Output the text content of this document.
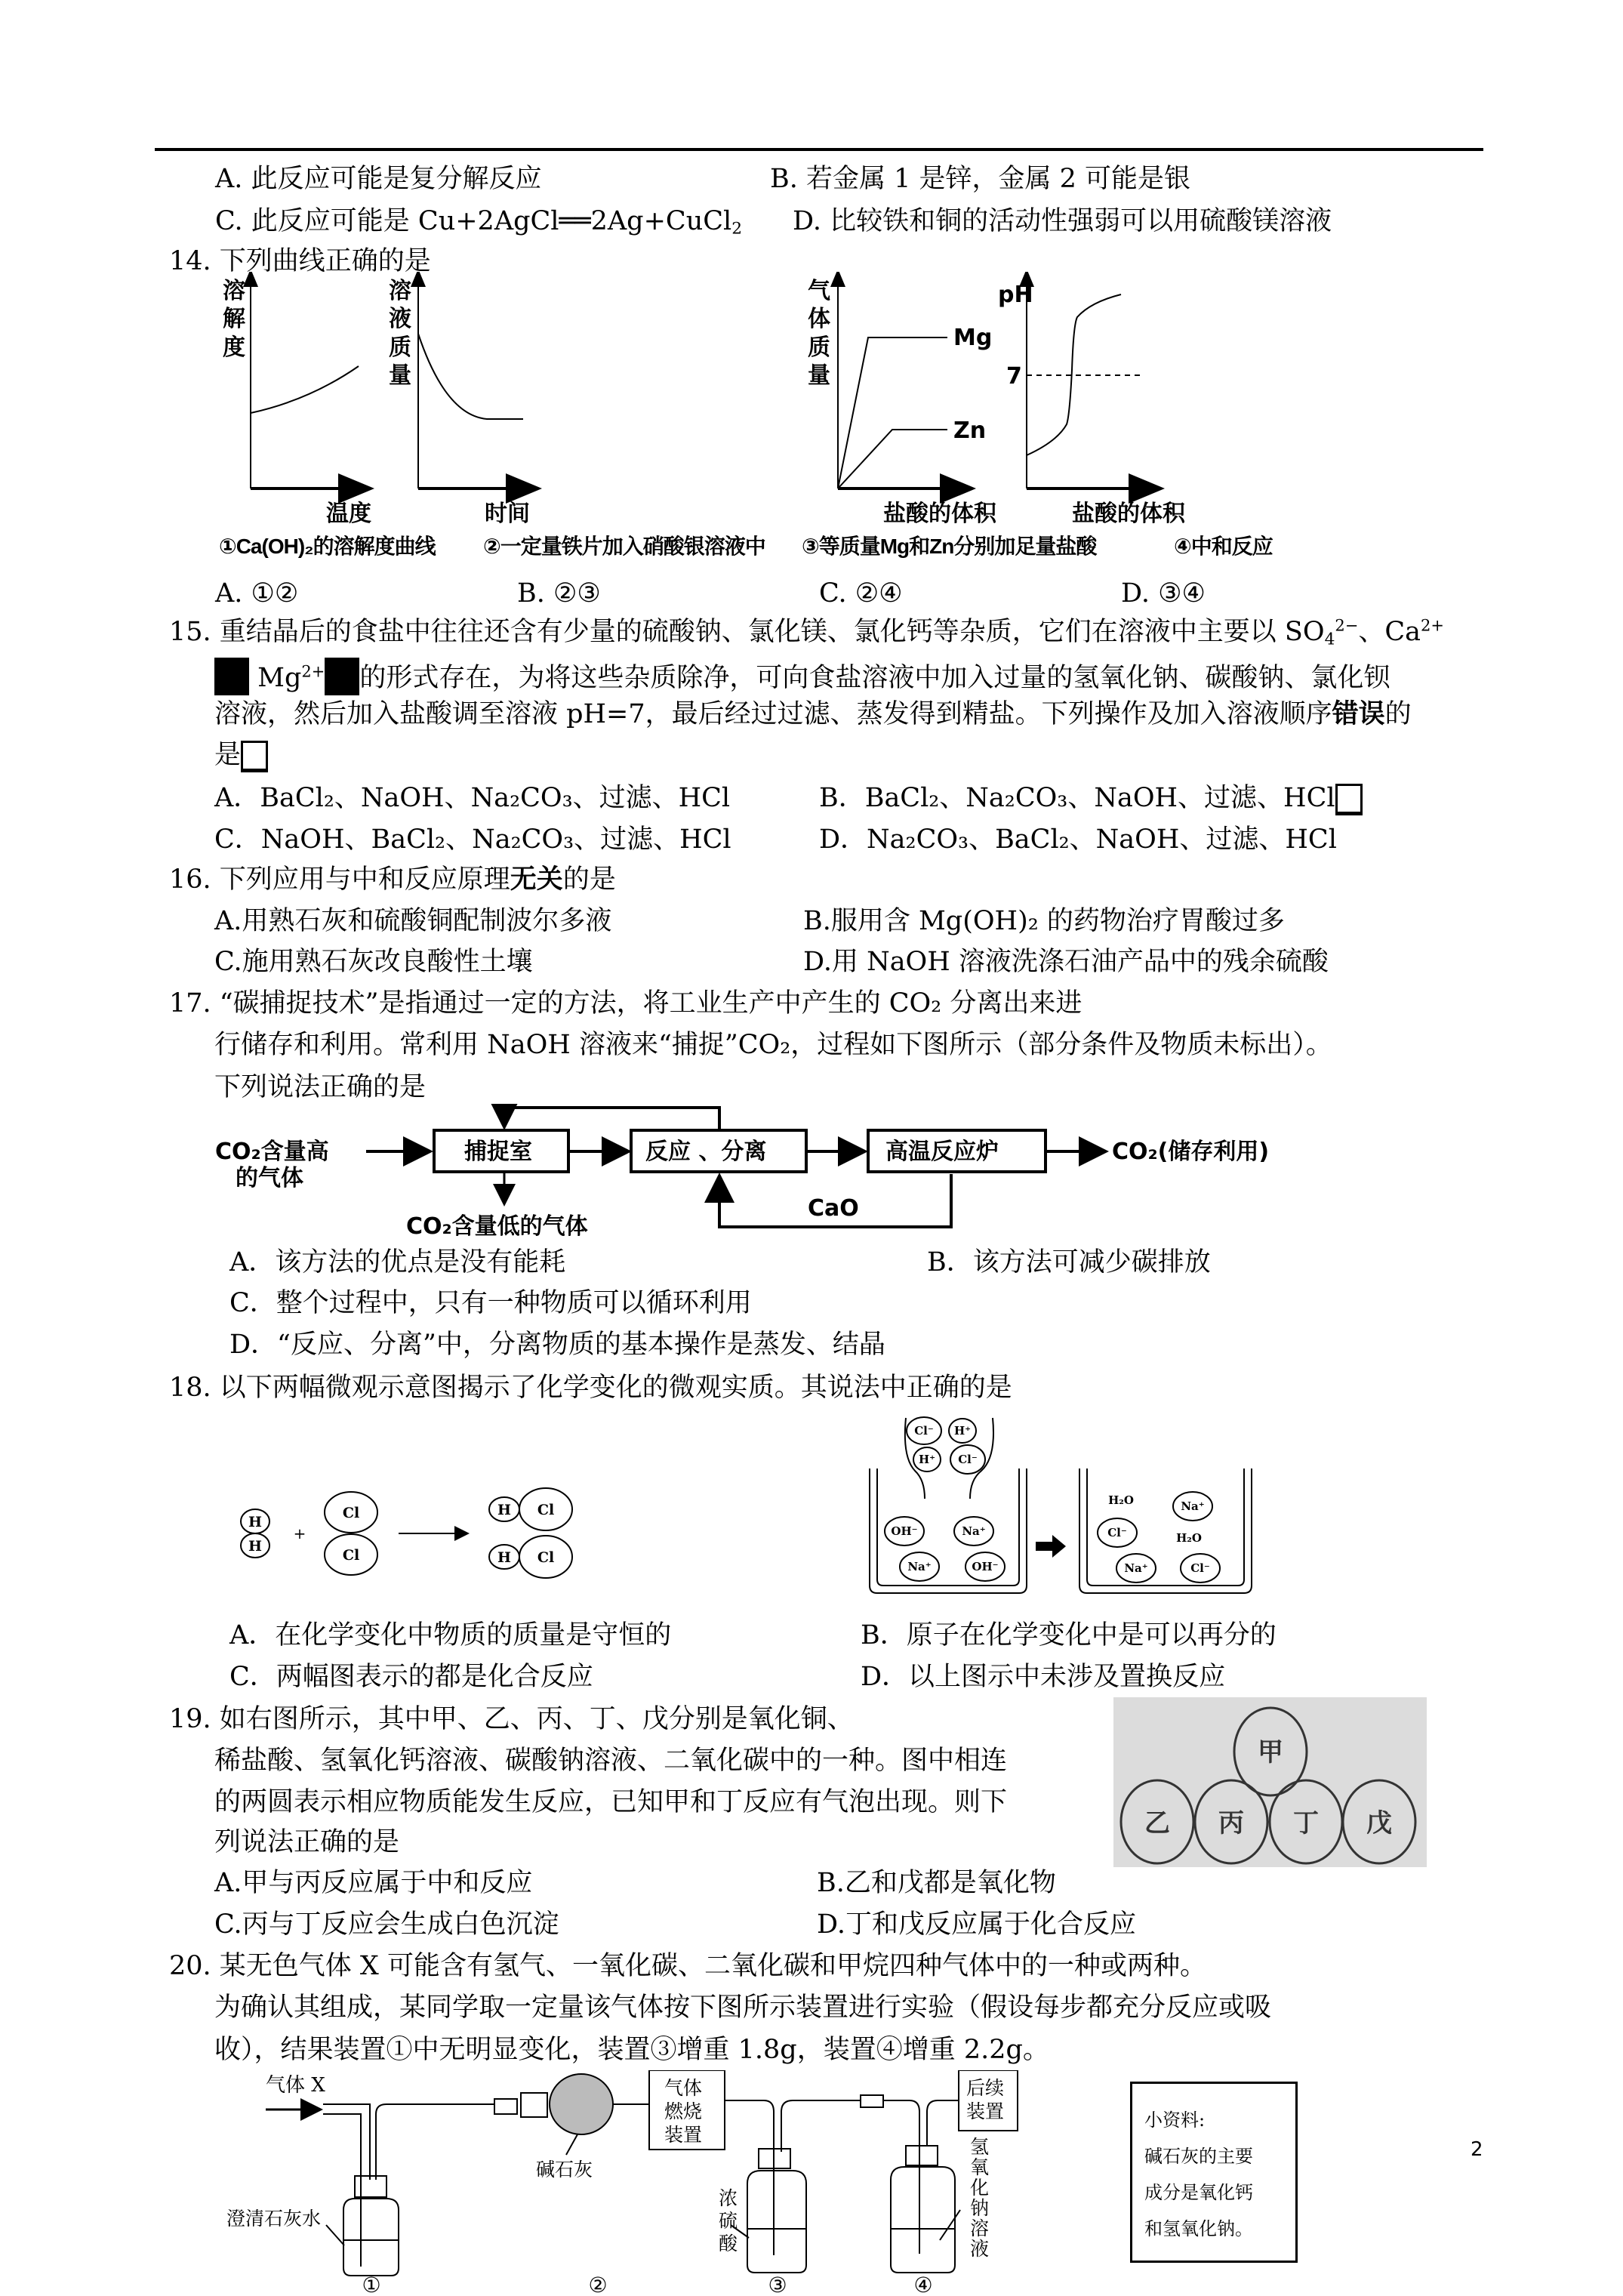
A. 此反应可能是复分解反应	B. 若金属 1 是锌，金属 2 可能是银
C. 此反应可能是 Cu+2AgCl══2Ag+CuCl$_2$ D. 比较铁和铜的活动性强弱可以用硫酸镁溶液
14. 下列曲线正确的是
溶
解
度
温度
溶
液
质
量
时间
Mg
Zn
气
体
质
量
盐酸的体积
pH
7
盐酸的体积
①Ca(OH)₂的溶解度曲线 ②一定量铁片加入硝酸银溶液中 ③等质量Mg和Zn分别加足量盐酸	④中和反应
A. ①②	B. ②③	C. ②④	D. ③④
15. 重结晶后的食盐中往往还含有少量的硫酸钠、氯化镁、氯化钙等杂质，它们在溶液中主要以 $SO_4^{2-}$、$Ca^{2+}$
$Mg^{2+}$ 的形式存在，为将这些杂质除净，可向食盐溶液中加入过量的氢氧化钠、碳酸钠、氯化钡
溶液，然后加入盐酸调至溶液 pH=7，最后经过过滤、蒸发得到精盐。下列操作及加入溶液顺序错误的
是
A．BaCl₂、NaOH、Na₂CO₃、过滤、HCl	B．BaCl₂、Na₂CO₃、NaOH、过滤、HCl
C．NaOH、BaCl₂、Na₂CO₃、过滤、HCl	D．Na₂CO₃、BaCl₂、NaOH、过滤、HCl
16. 下列应用与中和反应原理无关的是
A.用熟石灰和硫酸铜配制波尔多液	B.服用含 Mg(OH)₂ 的药物治疗胃酸过多
C.施用熟石灰改良酸性土壤	D.用 NaOH 溶液洗涤石油产品中的残余硫酸
17. “碳捕捉技术”是指通过一定的方法，将工业生产中产生的 CO₂ 分离出来进
行储存和利用。常利用 NaOH 溶液来“捕捉”CO₂，过程如下图所示（部分条件及物质未标出）。
下列说法正确的是
CO₂含量高
的气体
捕捉室	反应 、分离	高温反应炉	CO₂(储存利用)
CO₂含量低的气体
CaO
A．该方法的优点是没有能耗	B．该方法可减少碳排放
C．整个过程中，只有一种物质可以循环利用
D．“反应、分离”中，分离物质的基本操作是蒸发、结晶
18. 以下两幅微观示意图揭示了化学变化的微观实质。其说法中正确的是
H
H
+
Cl
Cl
H Cl
H Cl
Cl⁻ H⁺
H⁺ Cl⁻
OH⁻	Na⁺
Na⁺	OH⁻
H₂O	Na⁺
Cl⁻	H₂O
Na⁺	Cl⁻
A．在化学变化中物质的质量是守恒的	B．原子在化学变化中是可以再分的
C．两幅图表示的都是化合反应	D．以上图示中未涉及置换反应
19. 如右图所示，其中甲、乙、丙、丁、戊分别是氧化铜、
稀盐酸、氢氧化钙溶液、碳酸钠溶液、二氧化碳中的一种。图中相连
的两圆表示相应物质能发生反应，已知甲和丁反应有气泡出现。则下
列说法正确的是
甲
乙 丙 丁 戊
A.甲与丙反应属于中和反应	B.乙和戊都是氧化物
C.丙与丁反应会生成白色沉淀	D.丁和戊反应属于化合反应
20. 某无色气体 X 可能含有氢气、一氧化碳、二氧化碳和甲烷四种气体中的一种或两种。
为确认其组成，某同学取一定量该气体按下图所示装置进行实验（假设每步都充分反应或吸
收），结果装置①中无明显变化，装置③增重 1.8g，装置④增重 2.2g。
气体 X
澄清石灰水
碱石灰
气体
燃烧
装置
后续
装置
浓
硫
酸
氢
氧
化
钠
溶
液
①	②	③	④
小资料:
碱石灰的主要
成分是氧化钙
和氢氧化钠。
2
